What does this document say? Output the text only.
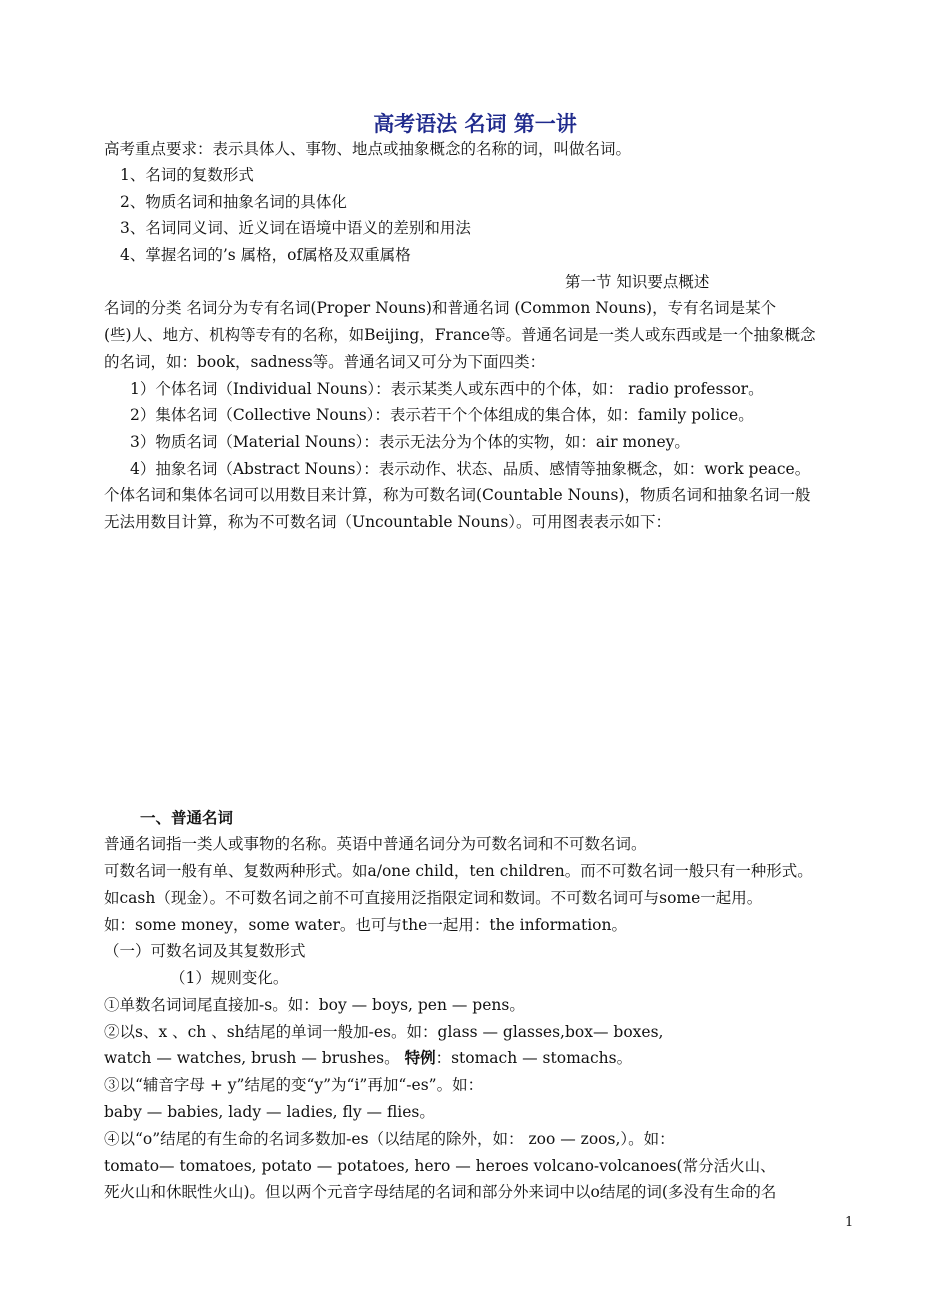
高考语法 名词 第一讲
高考重点要求：表示具体人、事物、地点或抽象概念的名称的词，叫做名词。
1、名词的复数形式
2、物质名词和抽象名词的具体化
3、名词同义词、近义词在语境中语义的差别和用法
4、掌握名词的’s 属格，of属格及双重属格
第一节 知识要点概述
名词的分类 名词分为专有名词(Proper Nouns)和普通名词 (Common Nouns)，专有名词是某个
(些)人、地方、机构等专有的名称，如Beijing，France等。普通名词是一类人或东西或是一个抽象概念
的名词，如：book，sadness等。普通名词又可分为下面四类：
1）个体名词（Individual Nouns）：表示某类人或东西中的个体，如： radio professor。
2）集体名词（Collective Nouns）：表示若干个个体组成的集合体，如：family police。
3）物质名词（Material Nouns）：表示无法分为个体的实物，如：air money。
4）抽象名词（Abstract Nouns）：表示动作、状态、品质、感情等抽象概念，如：work peace。
个体名词和集体名词可以用数目来计算，称为可数名词(Countable Nouns)，物质名词和抽象名词一般
无法用数目计算，称为不可数名词（Uncountable Nouns）。可用图表表示如下：
一、普通名词
普通名词指一类人或事物的名称。英语中普通名词分为可数名词和不可数名词。
可数名词一般有单、复数两种形式。如a/one child，ten children。而不可数名词一般只有一种形式。
如cash（现金）。不可数名词之前不可直接用泛指限定词和数词。不可数名词可与some一起用。
如：some money，some water。也可与the一起用：the information。
（一）可数名词及其复数形式
（1）规则变化。
①单数名词词尾直接加-s。如：boy — boys, pen — pens。
②以s、x 、ch 、sh结尾的单词一般加-es。如：glass — glasses,box— boxes,
watch — watches, brush — brushes。 特例：stomach — stomachs。
③以“辅音字母 + y”结尾的变“y”为“i”再加“-es”。如：
baby — babies, lady — ladies, fly — flies。
④以“o”结尾的有生命的名词多数加-es（以结尾的除外，如： zoo — zoos,）。如：
tomato— tomatoes, potato — potatoes, hero — heroes volcano-volcanoes(常分活火山、
死火山和休眠性火山)。但以两个元音字母结尾的名词和部分外来词中以o结尾的词(多没有生命的名
1
